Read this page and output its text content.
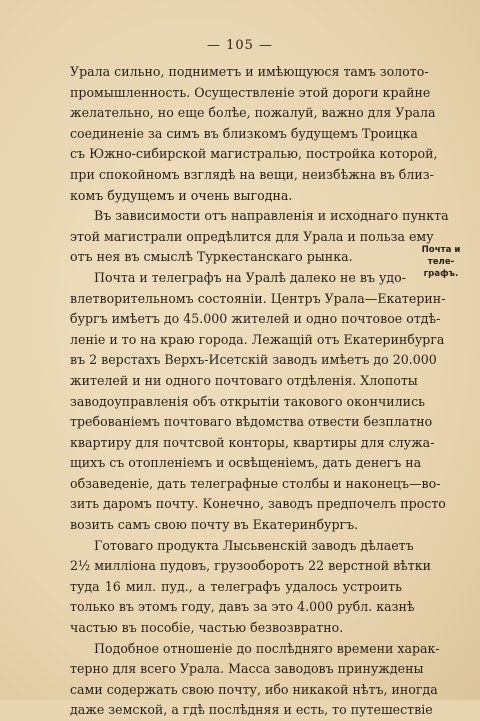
— 105 —
Урала сильно, подниметъ и имѣющуюся тамъ золото-
промышленность. Осуществленіе этой дороги крайне
желательно, но еще болѣе, пожалуй, важно для Урала
соединеніе за симъ въ близкомъ будущемъ Троицка
съ Южно-сибирской магистралью, постройка которой,
при спокойномъ взглядѣ на вещи, неизбѣжна въ близ-
комъ будущемъ и очень выгодна.
Въ зависимости отъ направленія и исходнаго пункта
этой магистрали опредѣлится для Урала и польза ему
отъ нея въ смыслѣ Туркестанскаго рынка.
Почта и телеграфъ на Уралѣ далеко не въ удо-
влетворительномъ состояніи. Центръ Урала—Екатерин-
бургъ имѣетъ до 45.000 жителей и одно почтовое отдѣ-
леніе и то на краю города. Лежащій отъ Екатеринбурга
въ 2 верстахъ Верхъ-Исетскій заводъ имѣетъ до 20.000
жителей и ни одного почтоваго отдѣленія. Хлопоты
заводоуправленія объ открытіи такового окончились
требованіемъ почтоваго вѣдомства отвести безплатно
квартиру для почтсвой конторы, квартиры для служа-
щихъ съ отопленіемъ и освѣщеніемъ, дать денегъ на
обзаведеніе, дать телеграфные столбы и наконецъ—во-
зить даромъ почту. Конечно, заводъ предпочелъ просто
возить самъ свою почту въ Екатеринбургъ.
Готоваго продукта Лысьвенскій заводъ дѣлаетъ
2½ милліона пудовъ, грузооборотъ 22 верстной вѣтки
туда 16 мил. пуд., а телеграфъ удалось устроить
только въ этомъ году, давъ за это 4.000 рубл. казнѣ
частью въ пособіе, частью безвозвратно.
Подобное отношеніе до послѣдняго времени харак-
терно для всего Урала. Масса заводовъ принуждены
сами содержать свою почту, ибо никакой нѣтъ, иногда
даже земской, а гдѣ послѣдняя и есть, то путешествіе
Почта и теле-
графъ.
